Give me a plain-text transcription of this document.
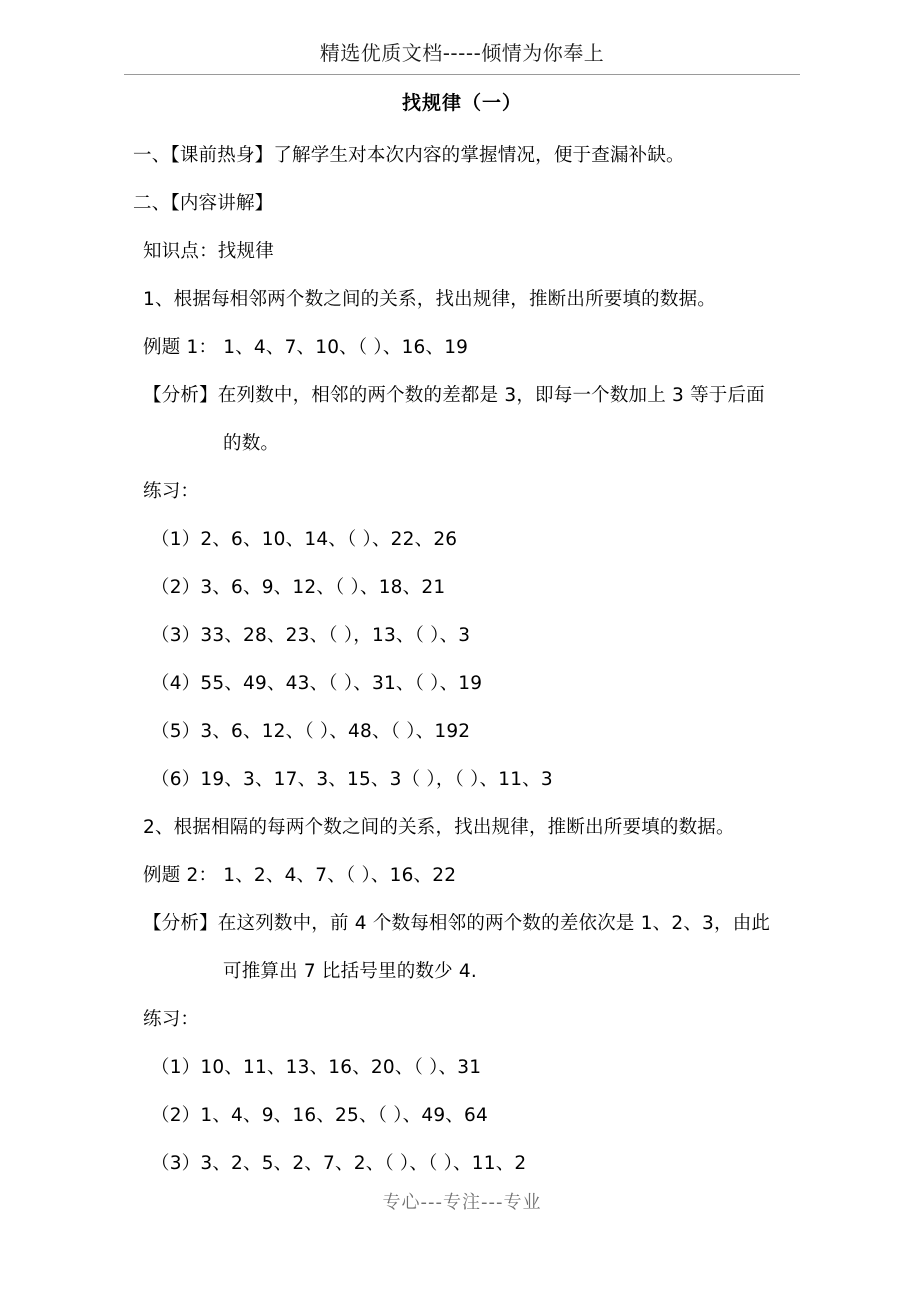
精选优质文档-----倾情为你奉上
找规律（一）
一、【课前热身】了解学生对本次内容的掌握情况，便于查漏补缺。
二、【内容讲解】
知识点：找规律
1、根据每相邻两个数之间的关系，找出规律，推断出所要填的数据。
例题 1： 1、4、7、10、（ ）、16、19
【分析】在列数中，相邻的两个数的差都是 3，即每一个数加上 3 等于后面
的数。
练习：
（1）2、6、10、14、（ ）、22、26
（2）3、6、9、12、（ ）、18、21
（3）33、28、23、（ ），13、（ ）、3
（4）55、49、43、（ ）、31、（ ）、19
（5）3、6、12、（ ）、48、（ ）、192
（6）19、3、17、3、15、3（ ），（ ）、11、3
2、根据相隔的每两个数之间的关系，找出规律，推断出所要填的数据。
例题 2： 1、2、4、7、（ ）、16、22
【分析】在这列数中，前 4 个数每相邻的两个数的差依次是 1、2、3，由此
可推算出 7 比括号里的数少 4.
练习：
（1）10、11、13、16、20、（ ）、31
（2）1、4、9、16、25、（ ）、49、64
（3）3、2、5、2、7、2、（ ）、（ ）、11、2
专心---专注---专业
